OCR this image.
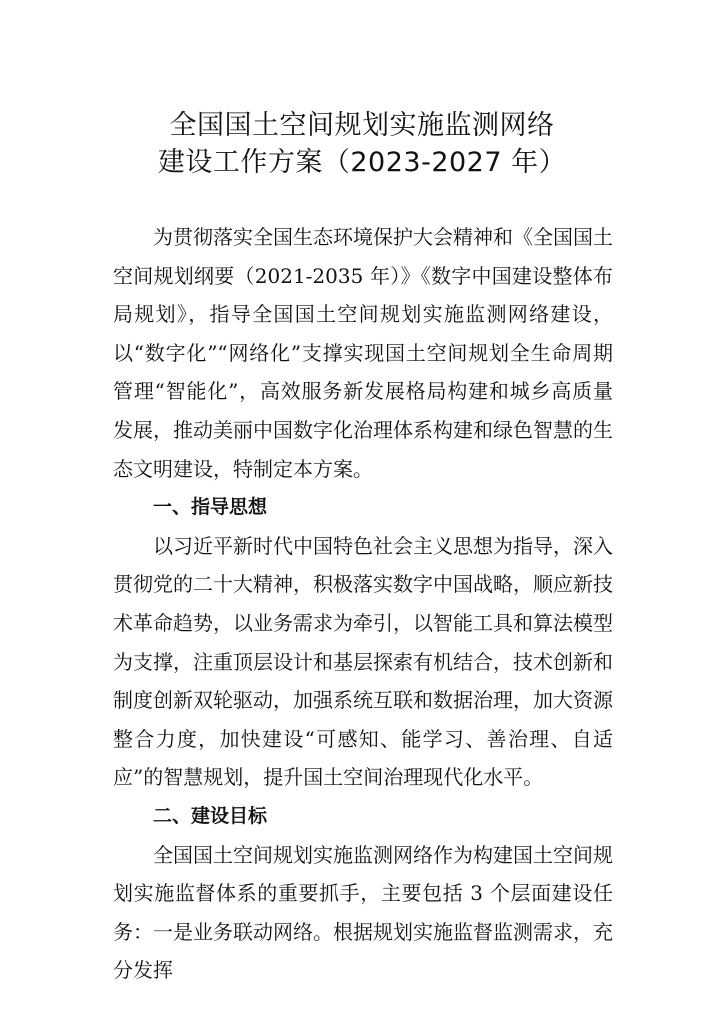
全国国土空间规划实施监测网络
建设工作方案（2023-2027 年）

为贯彻落实全国生态环境保护大会精神和《全国国土空间规划纲要（2021-2035 年）》《数字中国建设整体布局规划》，指导全国国土空间规划实施监测网络建设，以“数字化”“网络化”支撑实现国土空间规划全生命周期管理“智能化”，高效服务新发展格局构建和城乡高质量发展，推动美丽中国数字化治理体系构建和绿色智慧的生态文明建设，特制定本方案。

一、指导思想

以习近平新时代中国特色社会主义思想为指导，深入贯彻党的二十大精神，积极落实数字中国战略，顺应新技术革命趋势，以业务需求为牵引，以智能工具和算法模型为支撑，注重顶层设计和基层探索有机结合，技术创新和制度创新双轮驱动，加强系统互联和数据治理，加大资源整合力度，加快建设“可感知、能学习、善治理、自适应”的智慧规划，提升国土空间治理现代化水平。

二、建设目标

全国国土空间规划实施监测网络作为构建国土空间规划实施监督体系的重要抓手，主要包括 3 个层面建设任务：一是业务联动网络。根据规划实施监督监测需求，充分发挥
